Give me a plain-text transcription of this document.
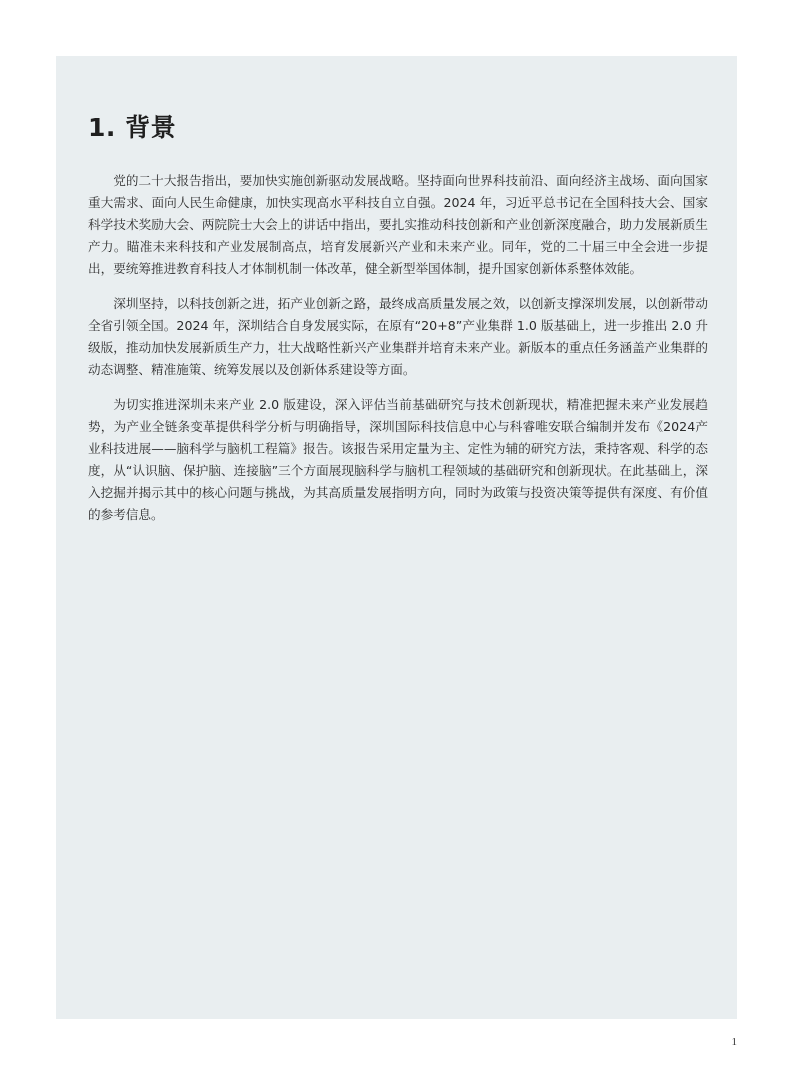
1. 背景

党的二十大报告指出，要加快实施创新驱动发展战略。坚持面向世界科技前沿、面向经济主战场、面向国家重大需求、面向人民生命健康，加快实现高水平科技自立自强。2024 年，习近平总书记在全国科技大会、国家科学技术奖励大会、两院院士大会上的讲话中指出，要扎实推动科技创新和产业创新深度融合，助力发展新质生产力。瞄准未来科技和产业发展制高点，培育发展新兴产业和未来产业。同年，党的二十届三中全会进一步提出，要统筹推进教育科技人才体制机制一体改革，健全新型举国体制，提升国家创新体系整体效能。

深圳坚持，以科技创新之进，拓产业创新之路，最终成高质量发展之效，以创新支撑深圳发展，以创新带动全省引领全国。2024 年，深圳结合自身发展实际，在原有“20+8”产业集群 1.0 版基础上，进一步推出 2.0 升级版，推动加快发展新质生产力，壮大战略性新兴产业集群并培育未来产业。新版本的重点任务涵盖产业集群的动态调整、精准施策、统筹发展以及创新体系建设等方面。

为切实推进深圳未来产业 2.0 版建设，深入评估当前基础研究与技术创新现状，精准把握未来产业发展趋势，为产业全链条变革提供科学分析与明确指导，深圳国际科技信息中心与科睿唯安联合编制并发布《2024产业科技进展——脑科学与脑机工程篇》报告。该报告采用定量为主、定性为辅的研究方法，秉持客观、科学的态度，从“认识脑、保护脑、连接脑”三个方面展现脑科学与脑机工程领域的基础研究和创新现状。在此基础上，深入挖掘并揭示其中的核心问题与挑战，为其高质量发展指明方向，同时为政策与投资决策等提供有深度、有价值的参考信息。

1
